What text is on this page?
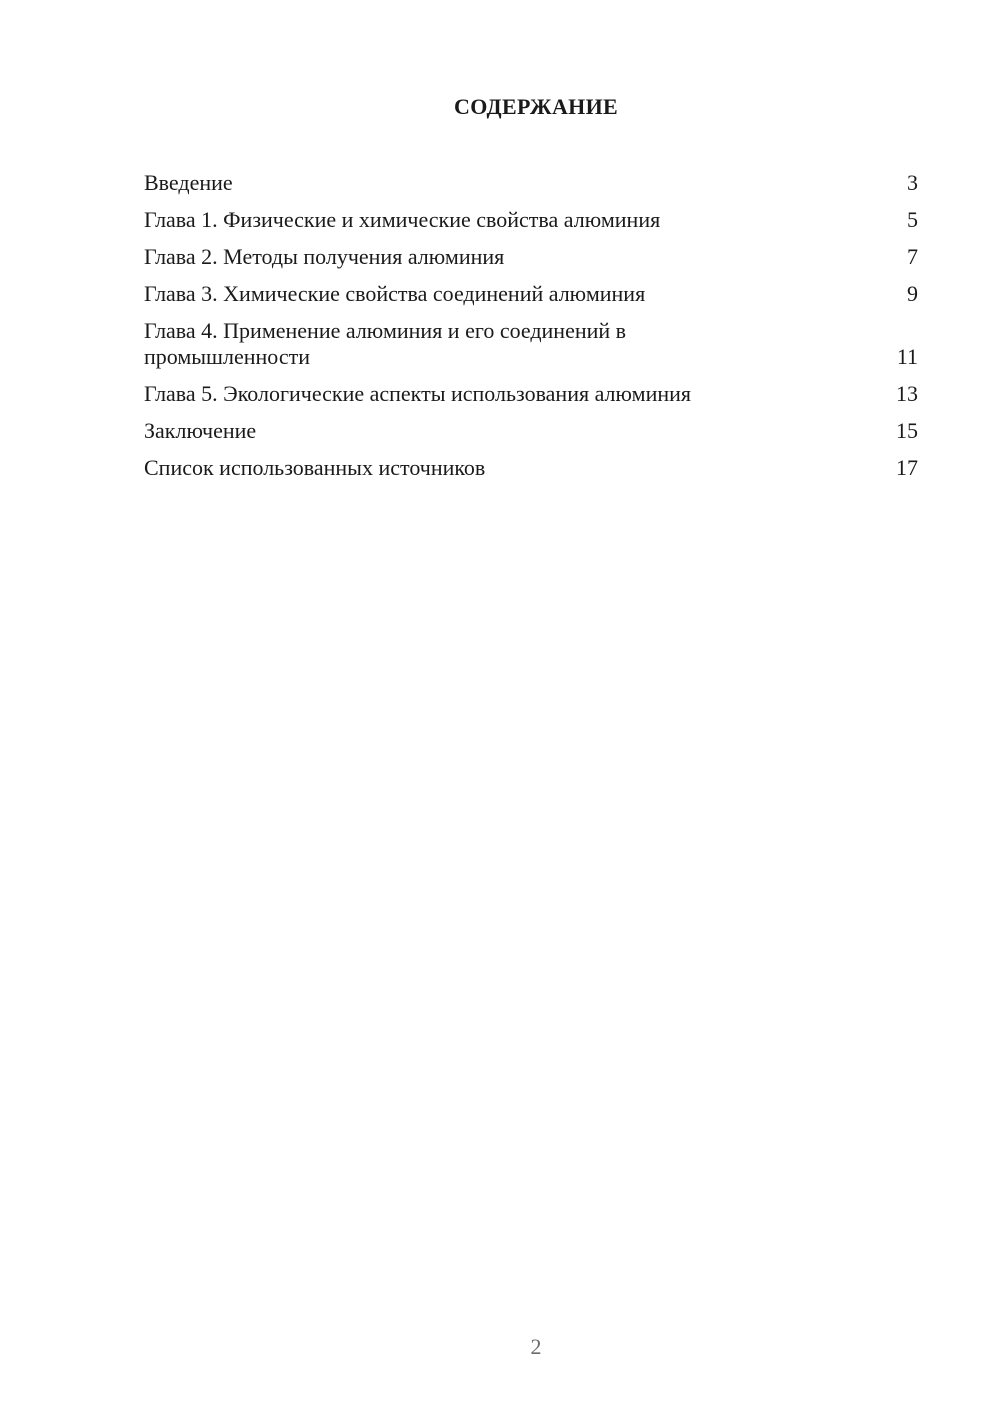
СОДЕРЖАНИЕ
Введение	3
Глава 1. Физические и химические свойства алюминия	5
Глава 2. Методы получения алюминия	7
Глава 3. Химические свойства соединений алюминия	9
Глава 4. Применение алюминия и его соединений в промышленности	11
Глава 5. Экологические аспекты использования алюминия	13
Заключение	15
Список использованных источников	17
2
